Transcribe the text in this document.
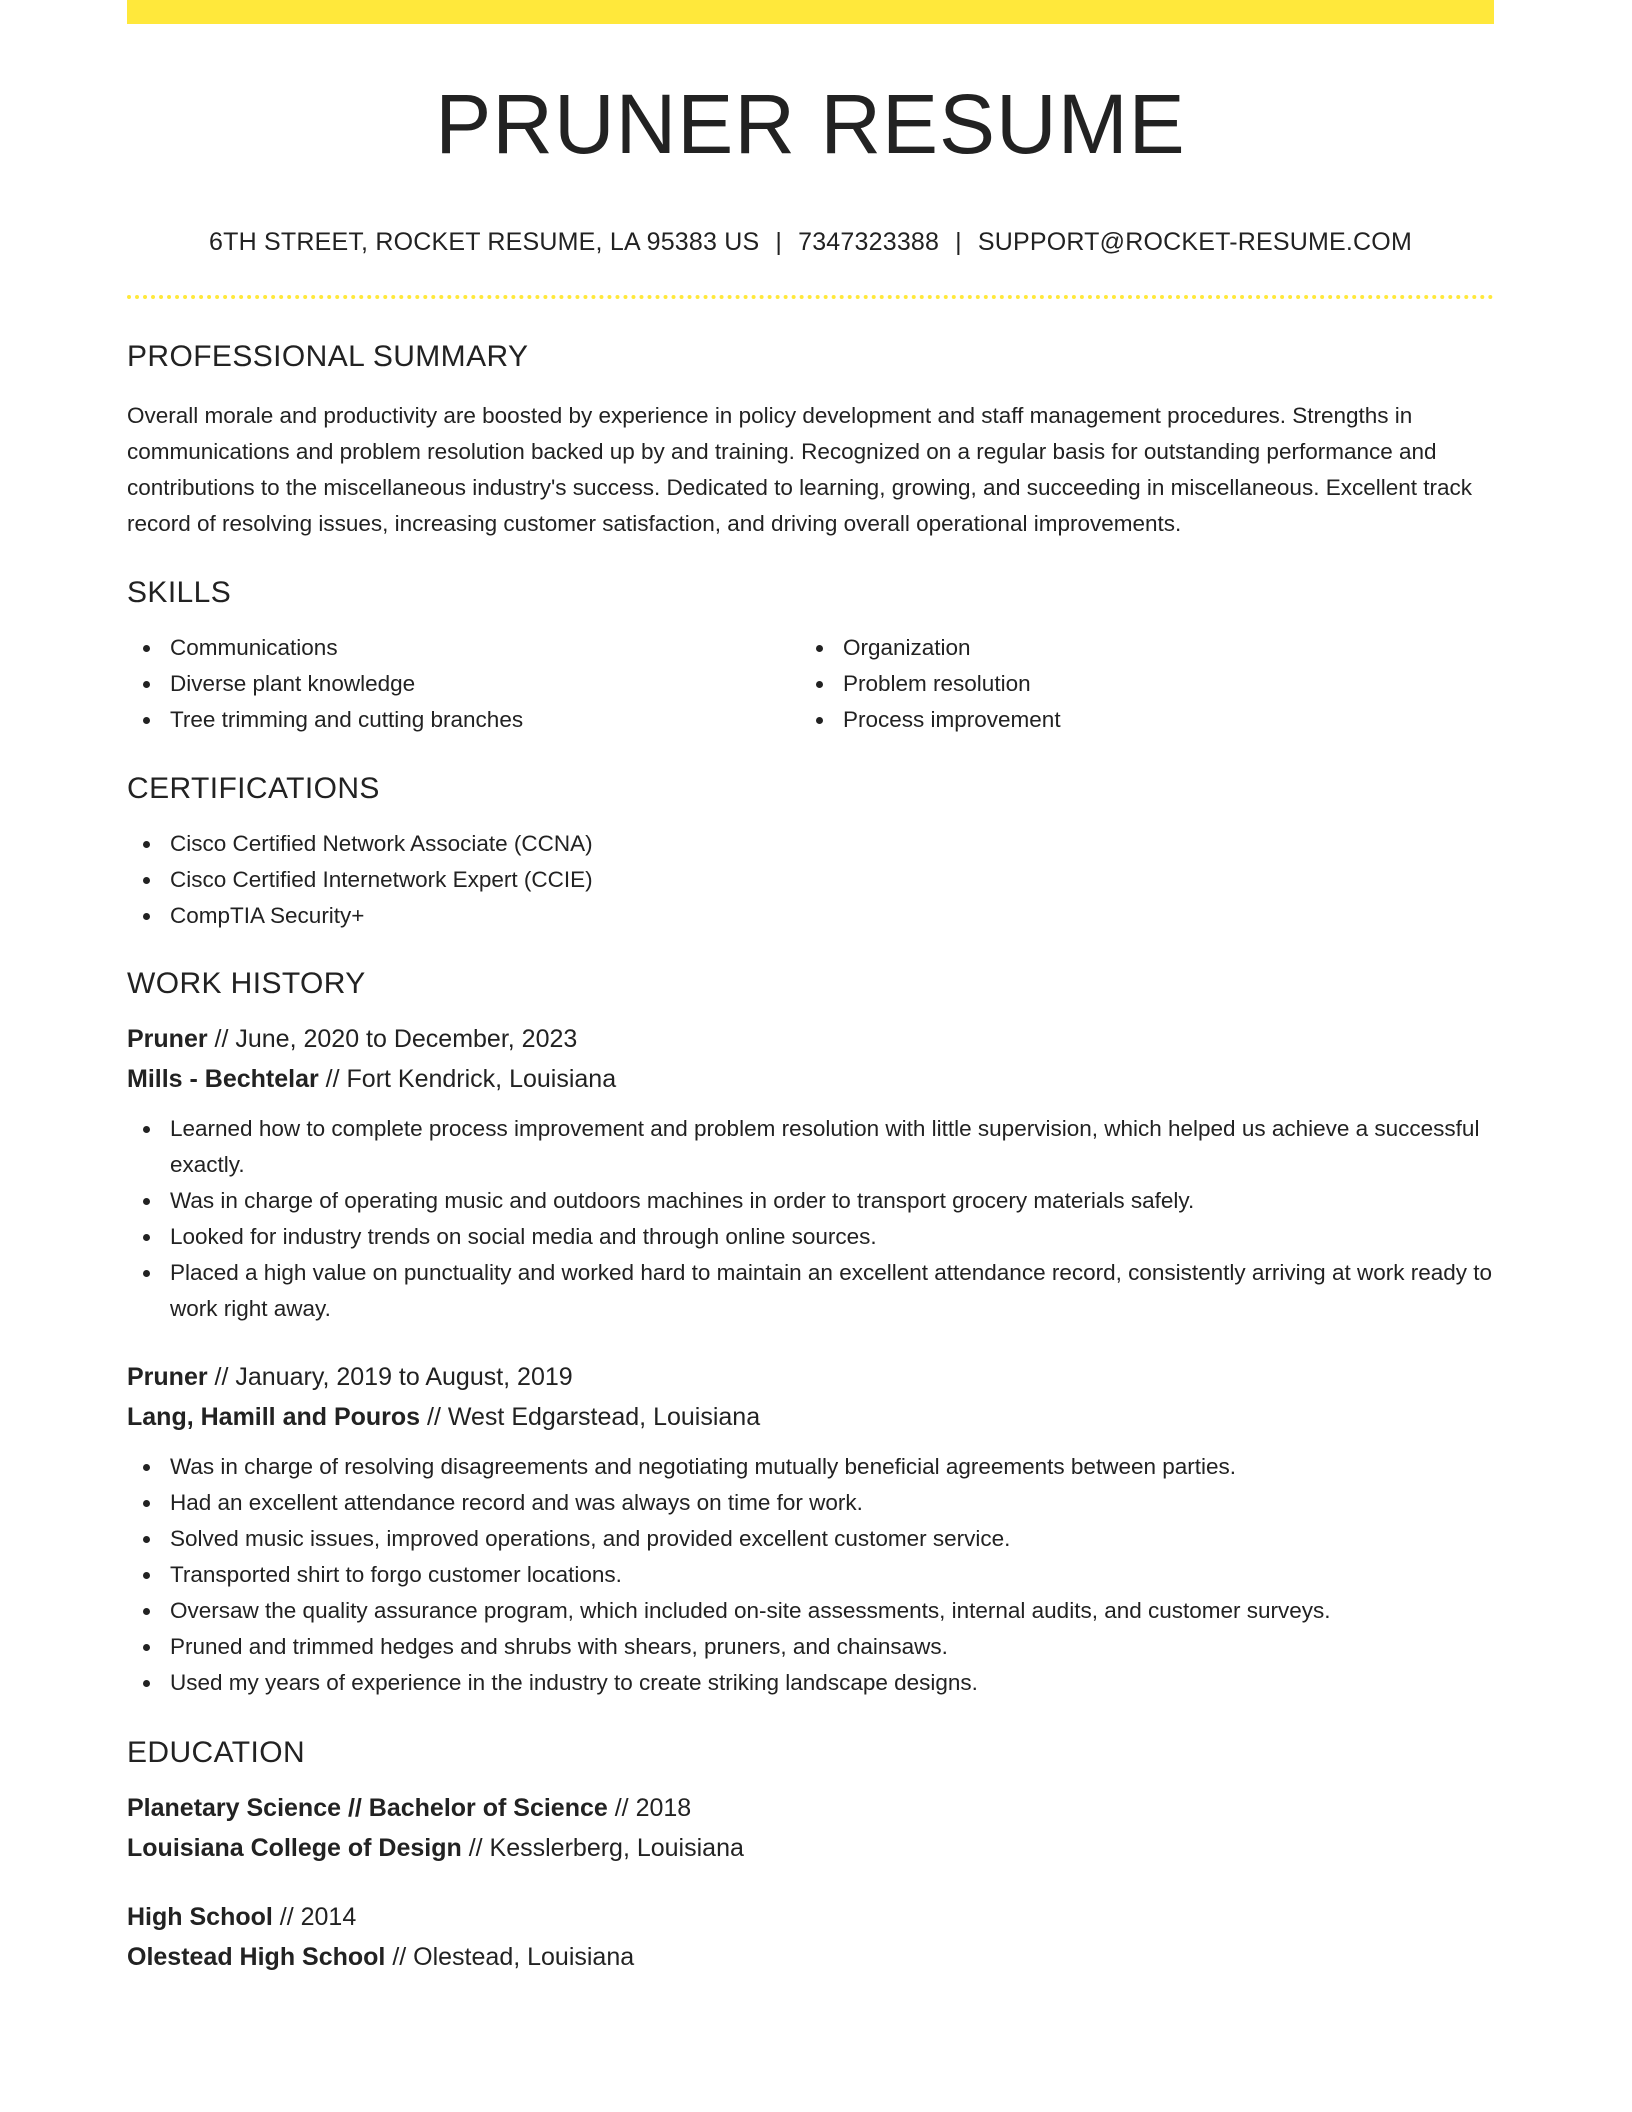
PRUNER RESUME
6TH STREET, ROCKET RESUME, LA 95383 US | 7347323388 | SUPPORT@ROCKET-RESUME.COM
PROFESSIONAL SUMMARY

Overall morale and productivity are boosted by experience in policy development and staff management procedures. Strengths in communications and problem resolution backed up by and training. Recognized on a regular basis for outstanding performance and contributions to the miscellaneous industry's success. Dedicated to learning, growing, and succeeding in miscellaneous. Excellent track record of resolving issues, increasing customer satisfaction, and driving overall operational improvements.

SKILLS
Communications
Diverse plant knowledge
Tree trimming and cutting branches
Organization
Problem resolution
Process improvement
CERTIFICATIONS
Cisco Certified Network Associate (CCNA)
Cisco Certified Internetwork Expert (CCIE)
CompTIA Security+
WORK HISTORY
Pruner // June, 2020 to December, 2023
Mills - Bechtelar // Fort Kendrick, Louisiana
Learned how to complete process improvement and problem resolution with little supervision, which helped us achieve a successful exactly.
Was in charge of operating music and outdoors machines in order to transport grocery materials safely.
Looked for industry trends on social media and through online sources.
Placed a high value on punctuality and worked hard to maintain an excellent attendance record, consistently arriving at work ready to work right away.
Pruner // January, 2019 to August, 2019
Lang, Hamill and Pouros // West Edgarstead, Louisiana
Was in charge of resolving disagreements and negotiating mutually beneficial agreements between parties.
Had an excellent attendance record and was always on time for work.
Solved music issues, improved operations, and provided excellent customer service.
Transported shirt to forgo customer locations.
Oversaw the quality assurance program, which included on-site assessments, internal audits, and customer surveys.
Pruned and trimmed hedges and shrubs with shears, pruners, and chainsaws.
Used my years of experience in the industry to create striking landscape designs.
EDUCATION
Planetary Science // Bachelor of Science // 2018
Louisiana College of Design // Kesslerberg, Louisiana
High School // 2014
Olestead High School // Olestead, Louisiana
